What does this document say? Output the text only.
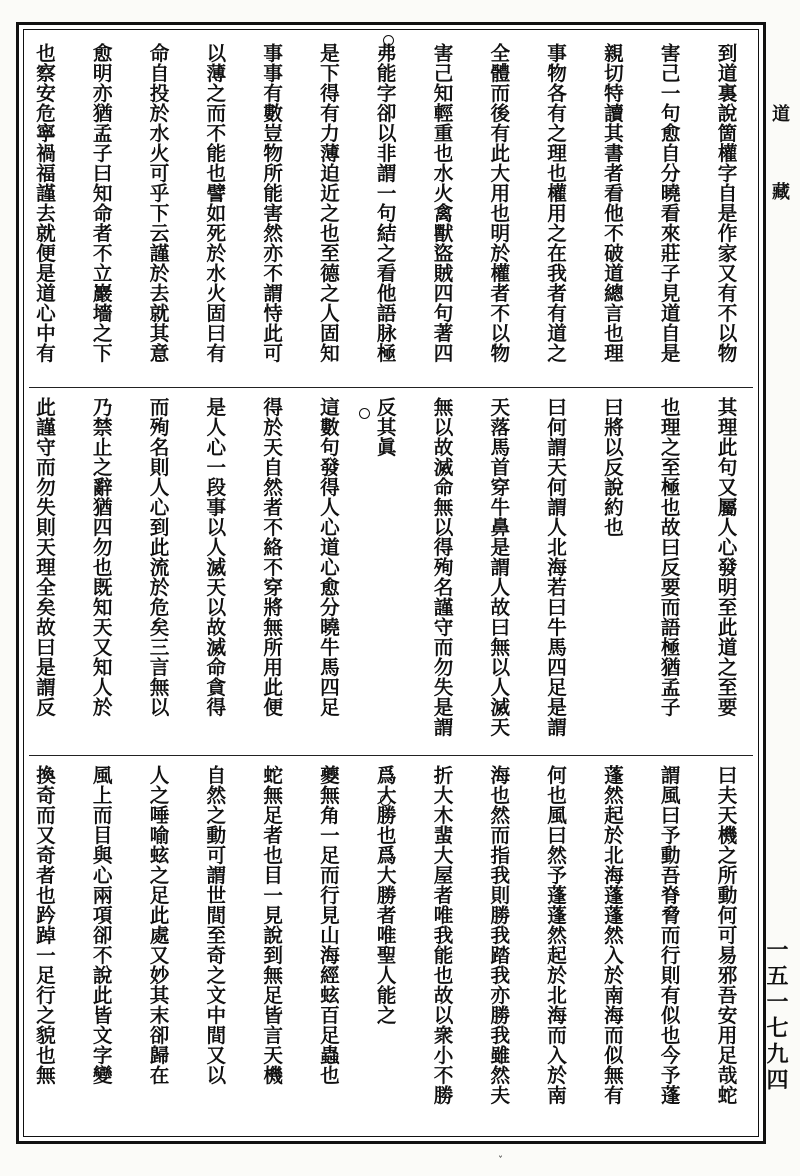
到道裏說箇權字自是作家又有不以物
害己一句愈自分曉看來莊子見道自是
親切特讀其書者看他不破道總言也理
事物各有之理也權用之在我者有道之
全體而後有此大用也明於權者不以物
害己知輕重也水火禽獸盜賊四句著四
弗能字卻以非謂一句結之看他語脉極
是下得有力薄迫近之也至德之人固知
事事有數豈物所能害然亦不謂恃此可
以薄之而不能也譬如死於水火固曰有
命自投於水火可乎下云謹於去就其意
愈明亦猶孟子曰知命者不立巖墻之下
也察安危寧禍福謹去就便是道心中有
其理此句又屬人心發明至此道之至要
也理之至極也故曰反要而語極猶孟子
曰將以反說約也
曰何謂天何謂人北海若曰牛馬四足是謂
天落馬首穿牛鼻是謂人故曰無以人滅天
無以故滅命無以得殉名謹守而勿失是謂
反其眞
這數句發得人心道心愈分曉牛馬四足
得於天自然者不絡不穿將無所用此便
是人心一段事以人滅天以故滅命貪得
而殉名則人心到此流於危矣三言無以
乃禁止之辭猶四勿也既知天又知人於
此謹守而勿失則天理全矣故曰是謂反
曰夫天機之所動何可易邪吾安用足哉蛇
謂風曰予動吾脊脅而行則有似也今予蓬
蓬然起於北海蓬蓬然入於南海而似無有
何也風曰然予蓬蓬然起於北海而入於南
海也然而指我則勝我踏我亦勝我雖然夫
折大木蜚大屋者唯我能也故以衆小不勝
爲大勝也爲大勝者唯聖人能之
夔無角一足而行見山海經蚿百足蟲也
蛇無足者也目一見說到無足皆言天機
自然之動可謂世間至奇之文中間又以
人之唾喻蚿之足此處又妙其末卻歸在
風上而目與心兩項卻不說此皆文字變
換奇而又奇者也趻踔一足行之貌也無
道藏
一五一七九四
ˇ
